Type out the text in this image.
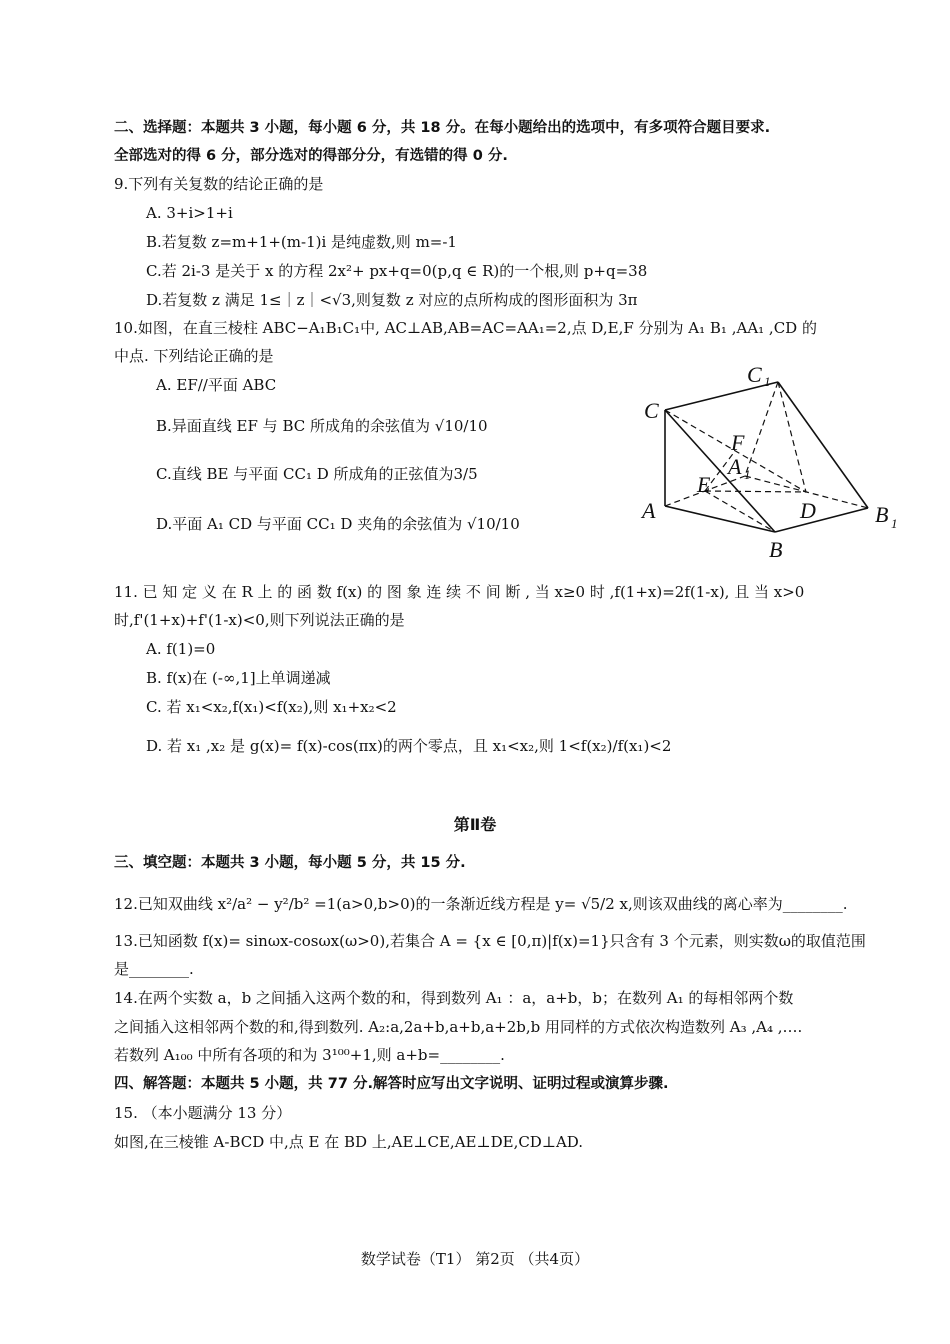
二、选择题：本题共 3 小题，每小题 6 分，共 18 分。在每小题给出的选项中，有多项符合题目要求.
全部选对的得 6 分，部分选对的得部分分，有选错的得 0 分.
9.下列有关复数的结论正确的是
A. 3+i>1+i
B.若复数 z=m+1+(m-1)i 是纯虚数,则 m=-1
C.若 2i-3 是关于 x 的方程 2x²+ px+q=0(p,q ∈ R)的一个根,则 p+q=38
D.若复数 z 满足 1≤｜z｜<√3,则复数 z 对应的点所构成的图形面积为 3π
10.如图，在直三棱柱 ABC−A₁B₁C₁中, AC⊥AB,AB=AC=AA₁=2,点 D,E,F 分别为 A₁ B₁ ,AA₁ ,CD 的
中点. 下列结论正确的是
A. EF//平面 ABC
B.异面直线 EF 与 BC 所成角的余弦值为 √10/10
C.直线 BE 与平面 CC₁ D 所成角的正弦值为3/5
D.平面 A₁ CD 与平面 CC₁ D 夹角的余弦值为 √10/10
C 1
C
F
A 1
E
A	D	B 1
B
11. 已 知 定 义 在 R 上 的 函 数 f(x) 的 图 象 连 续 不 间 断 , 当 x≥0 时 ,f(1+x)=2f(1-x), 且 当 x>0
时,f'(1+x)+f'(1-x)<0,则下列说法正确的是
A. f(1)=0
B. f(x)在 (-∞,1]上单调递减
C. 若 x₁<x₂,f(x₁)<f(x₂),则 x₁+x₂<2
D. 若 x₁ ,x₂ 是 g(x)= f(x)-cos(πx)的两个零点，且 x₁<x₂,则 1<f(x₂)/f(x₁)<2
第Ⅱ卷
三、填空题：本题共 3 小题，每小题 5 分，共 15 分.
12.已知双曲线 x²/a² − y²/b² =1(a>0,b>0)的一条渐近线方程是 y= √5/2 x,则该双曲线的离心率为________.
13.已知函数 f(x)= sinωx-cosωx(ω>0),若集合 A = {x ∈ [0,π)|f(x)=1}只含有 3 个元素，则实数ω的取值范围
是________.
14.在两个实数 a，b 之间插入这两个数的和，得到数列 A₁ ：a，a+b，b；在数列 A₁ 的每相邻两个数
之间插入这相邻两个数的和,得到数列. A₂:a,2a+b,a+b,a+2b,b 用同样的方式依次构造数列 A₃ ,A₄ ,….
若数列 A₁₀₀ 中所有各项的和为 3¹⁰⁰+1,则 a+b=________.
四、解答题：本题共 5 小题，共 77 分.解答时应写出文字说明、证明过程或演算步骤.
15. （本小题满分 13 分）
如图,在三棱锥 A-BCD 中,点 E 在 BD 上,AE⊥CE,AE⊥DE,CD⊥AD.
数学试卷（T1） 第2页 （共4页）
